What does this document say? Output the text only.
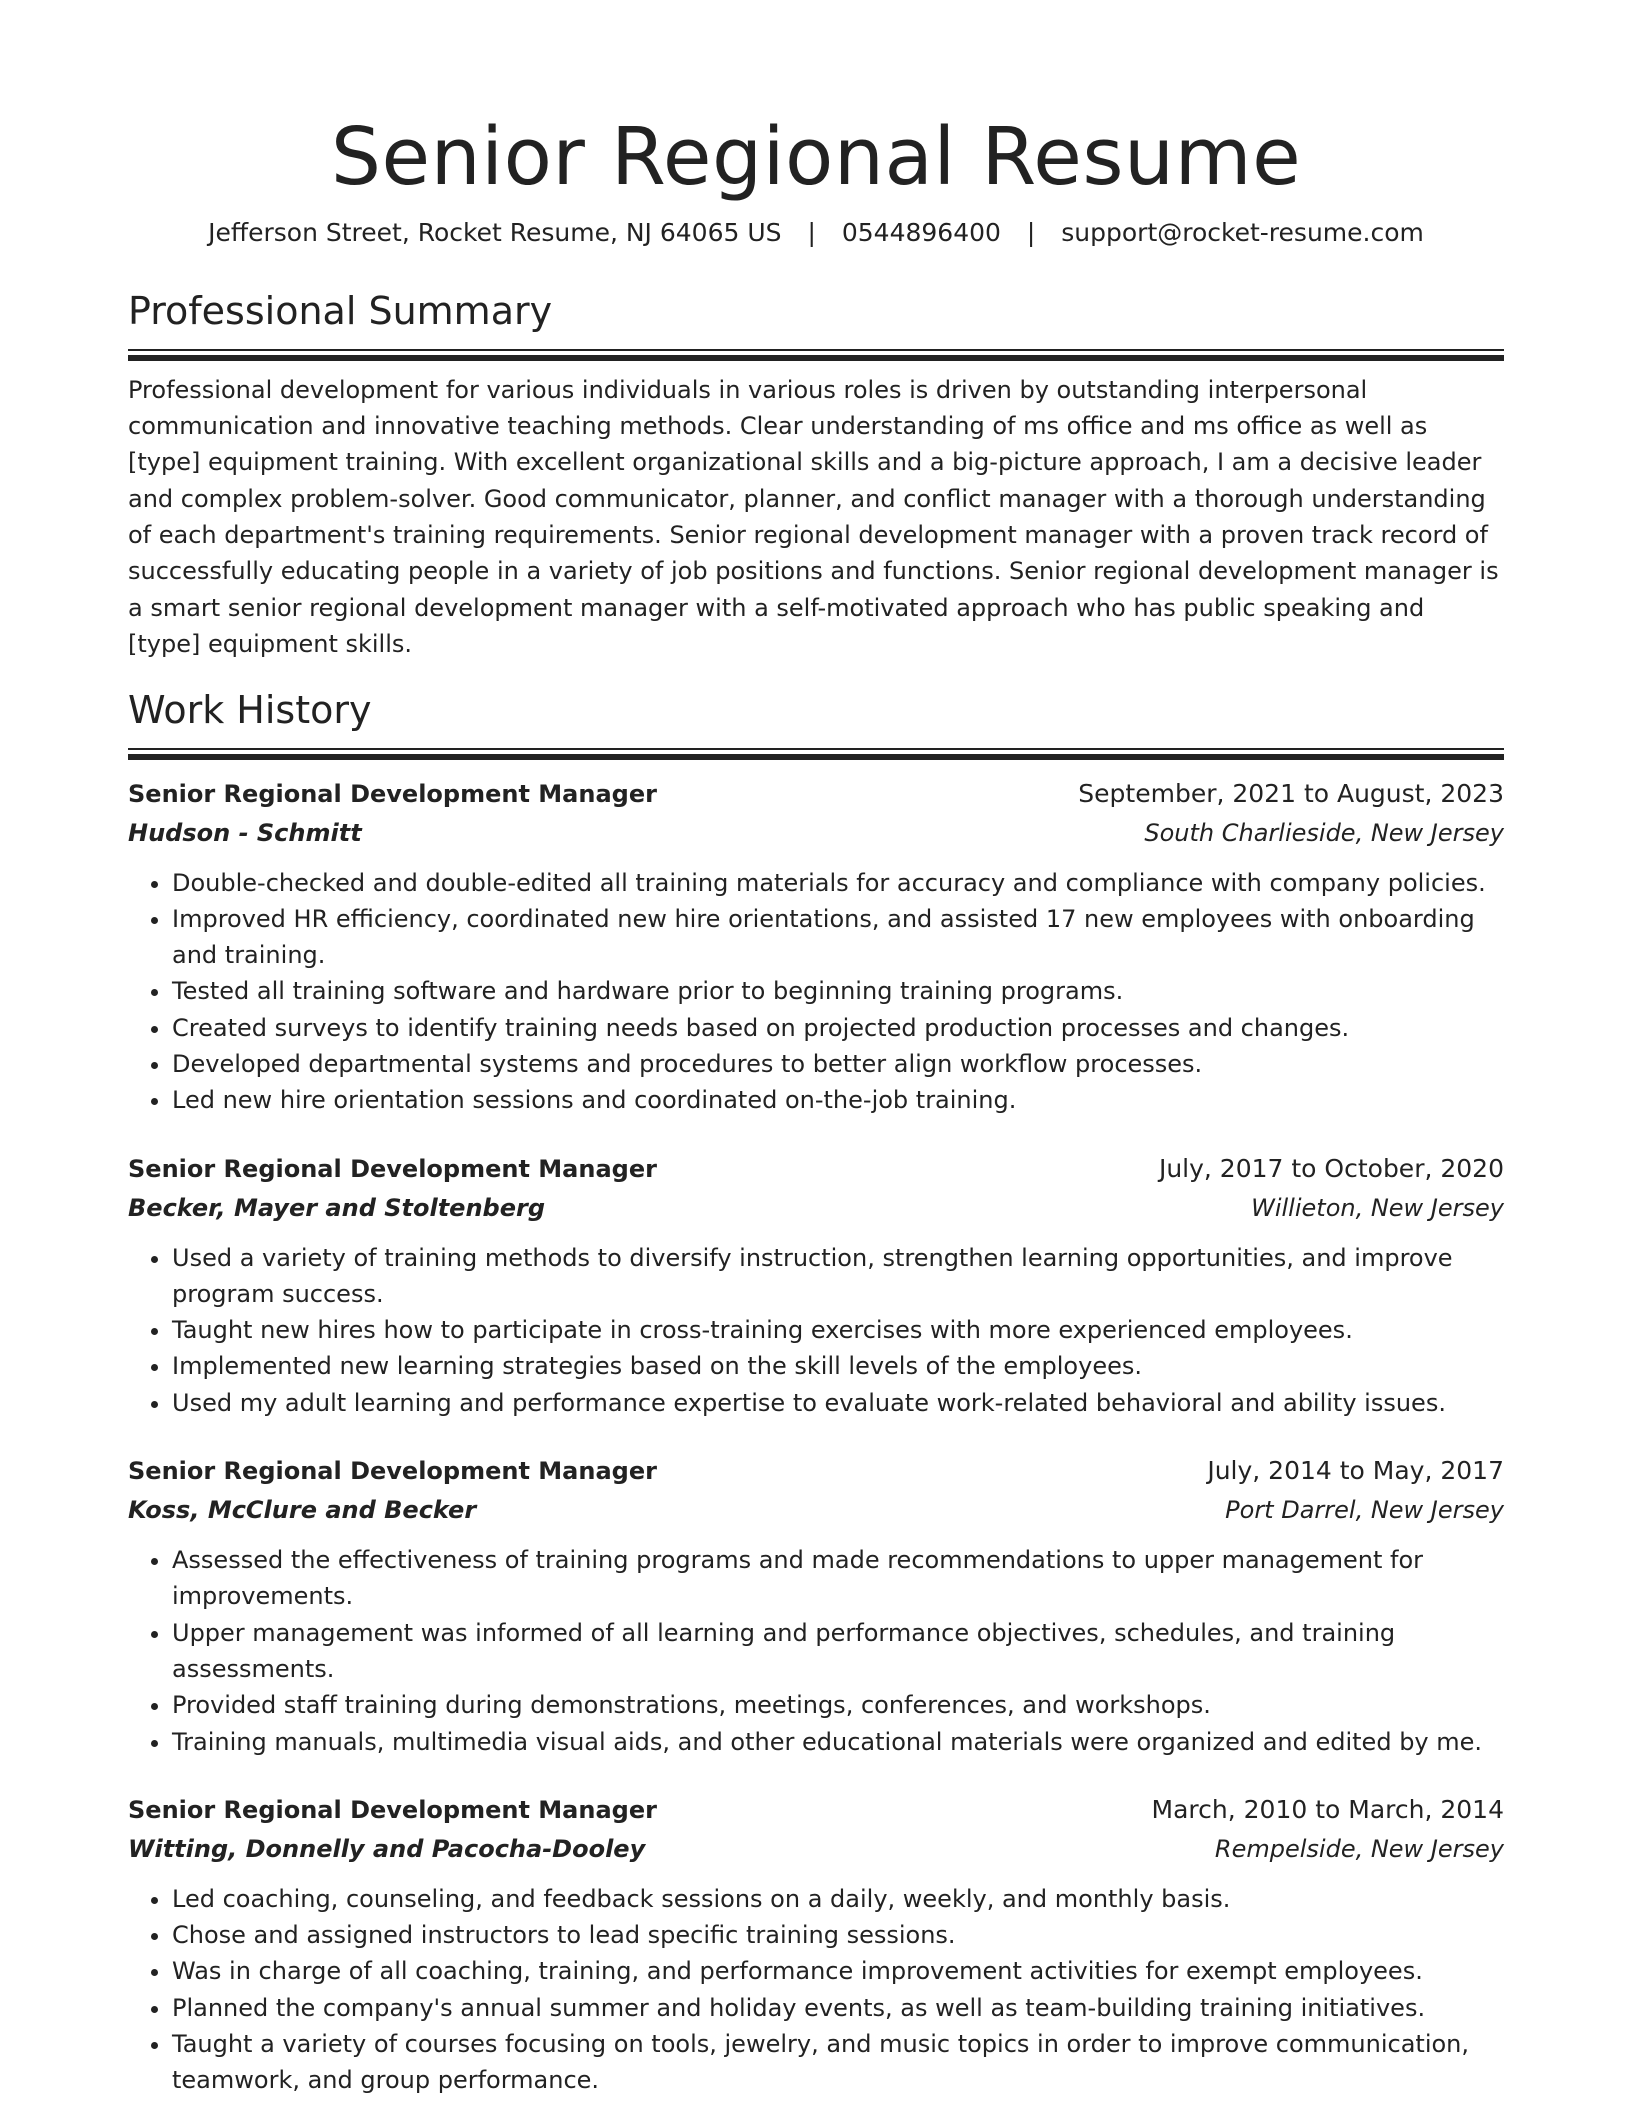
Senior Regional Resume
Jefferson Street, Rocket Resume, NJ 64065 US | 0544896400 | support@rocket-resume.com
Professional Summary

Professional development for various individuals in various roles is driven by outstanding interpersonal communication and innovative teaching methods. Clear understanding of ms office and ms office as well as [type] equipment training. With excellent organizational skills and a big-picture approach, I am a decisive leader and complex problem-solver. Good communicator, planner, and conflict manager with a thorough understanding of each department's training requirements. Senior regional development manager with a proven track record of successfully educating people in a variety of job positions and functions. Senior regional development manager is a smart senior regional development manager with a self-motivated approach who has public speaking and [type] equipment skills.

Work History
Senior Regional Development Manager	September, 2021 to August, 2023
Hudson - Schmitt	South Charlieside, New Jersey
• Double-checked and double-edited all training materials for accuracy and compliance with company policies.
• Improved HR efficiency, coordinated new hire orientations, and assisted 17 new employees with onboarding and training.
• Tested all training software and hardware prior to beginning training programs.
• Created surveys to identify training needs based on projected production processes and changes.
• Developed departmental systems and procedures to better align workflow processes.
• Led new hire orientation sessions and coordinated on-the-job training.
Senior Regional Development Manager	July, 2017 to October, 2020
Becker, Mayer and Stoltenberg	Willieton, New Jersey
• Used a variety of training methods to diversify instruction, strengthen learning opportunities, and improve program success.
• Taught new hires how to participate in cross-training exercises with more experienced employees.
• Implemented new learning strategies based on the skill levels of the employees.
• Used my adult learning and performance expertise to evaluate work-related behavioral and ability issues.
Senior Regional Development Manager	July, 2014 to May, 2017
Koss, McClure and Becker	Port Darrel, New Jersey
• Assessed the effectiveness of training programs and made recommendations to upper management for improvements.
• Upper management was informed of all learning and performance objectives, schedules, and training assessments.
• Provided staff training during demonstrations, meetings, conferences, and workshops.
• Training manuals, multimedia visual aids, and other educational materials were organized and edited by me.
Senior Regional Development Manager	March, 2010 to March, 2014
Witting, Donnelly and Pacocha-Dooley	Rempelside, New Jersey
• Led coaching, counseling, and feedback sessions on a daily, weekly, and monthly basis.
• Chose and assigned instructors to lead specific training sessions.
• Was in charge of all coaching, training, and performance improvement activities for exempt employees.
• Planned the company's annual summer and holiday events, as well as team-building training initiatives.
• Taught a variety of courses focusing on tools, jewelry, and music topics in order to improve communication, teamwork, and group performance.
